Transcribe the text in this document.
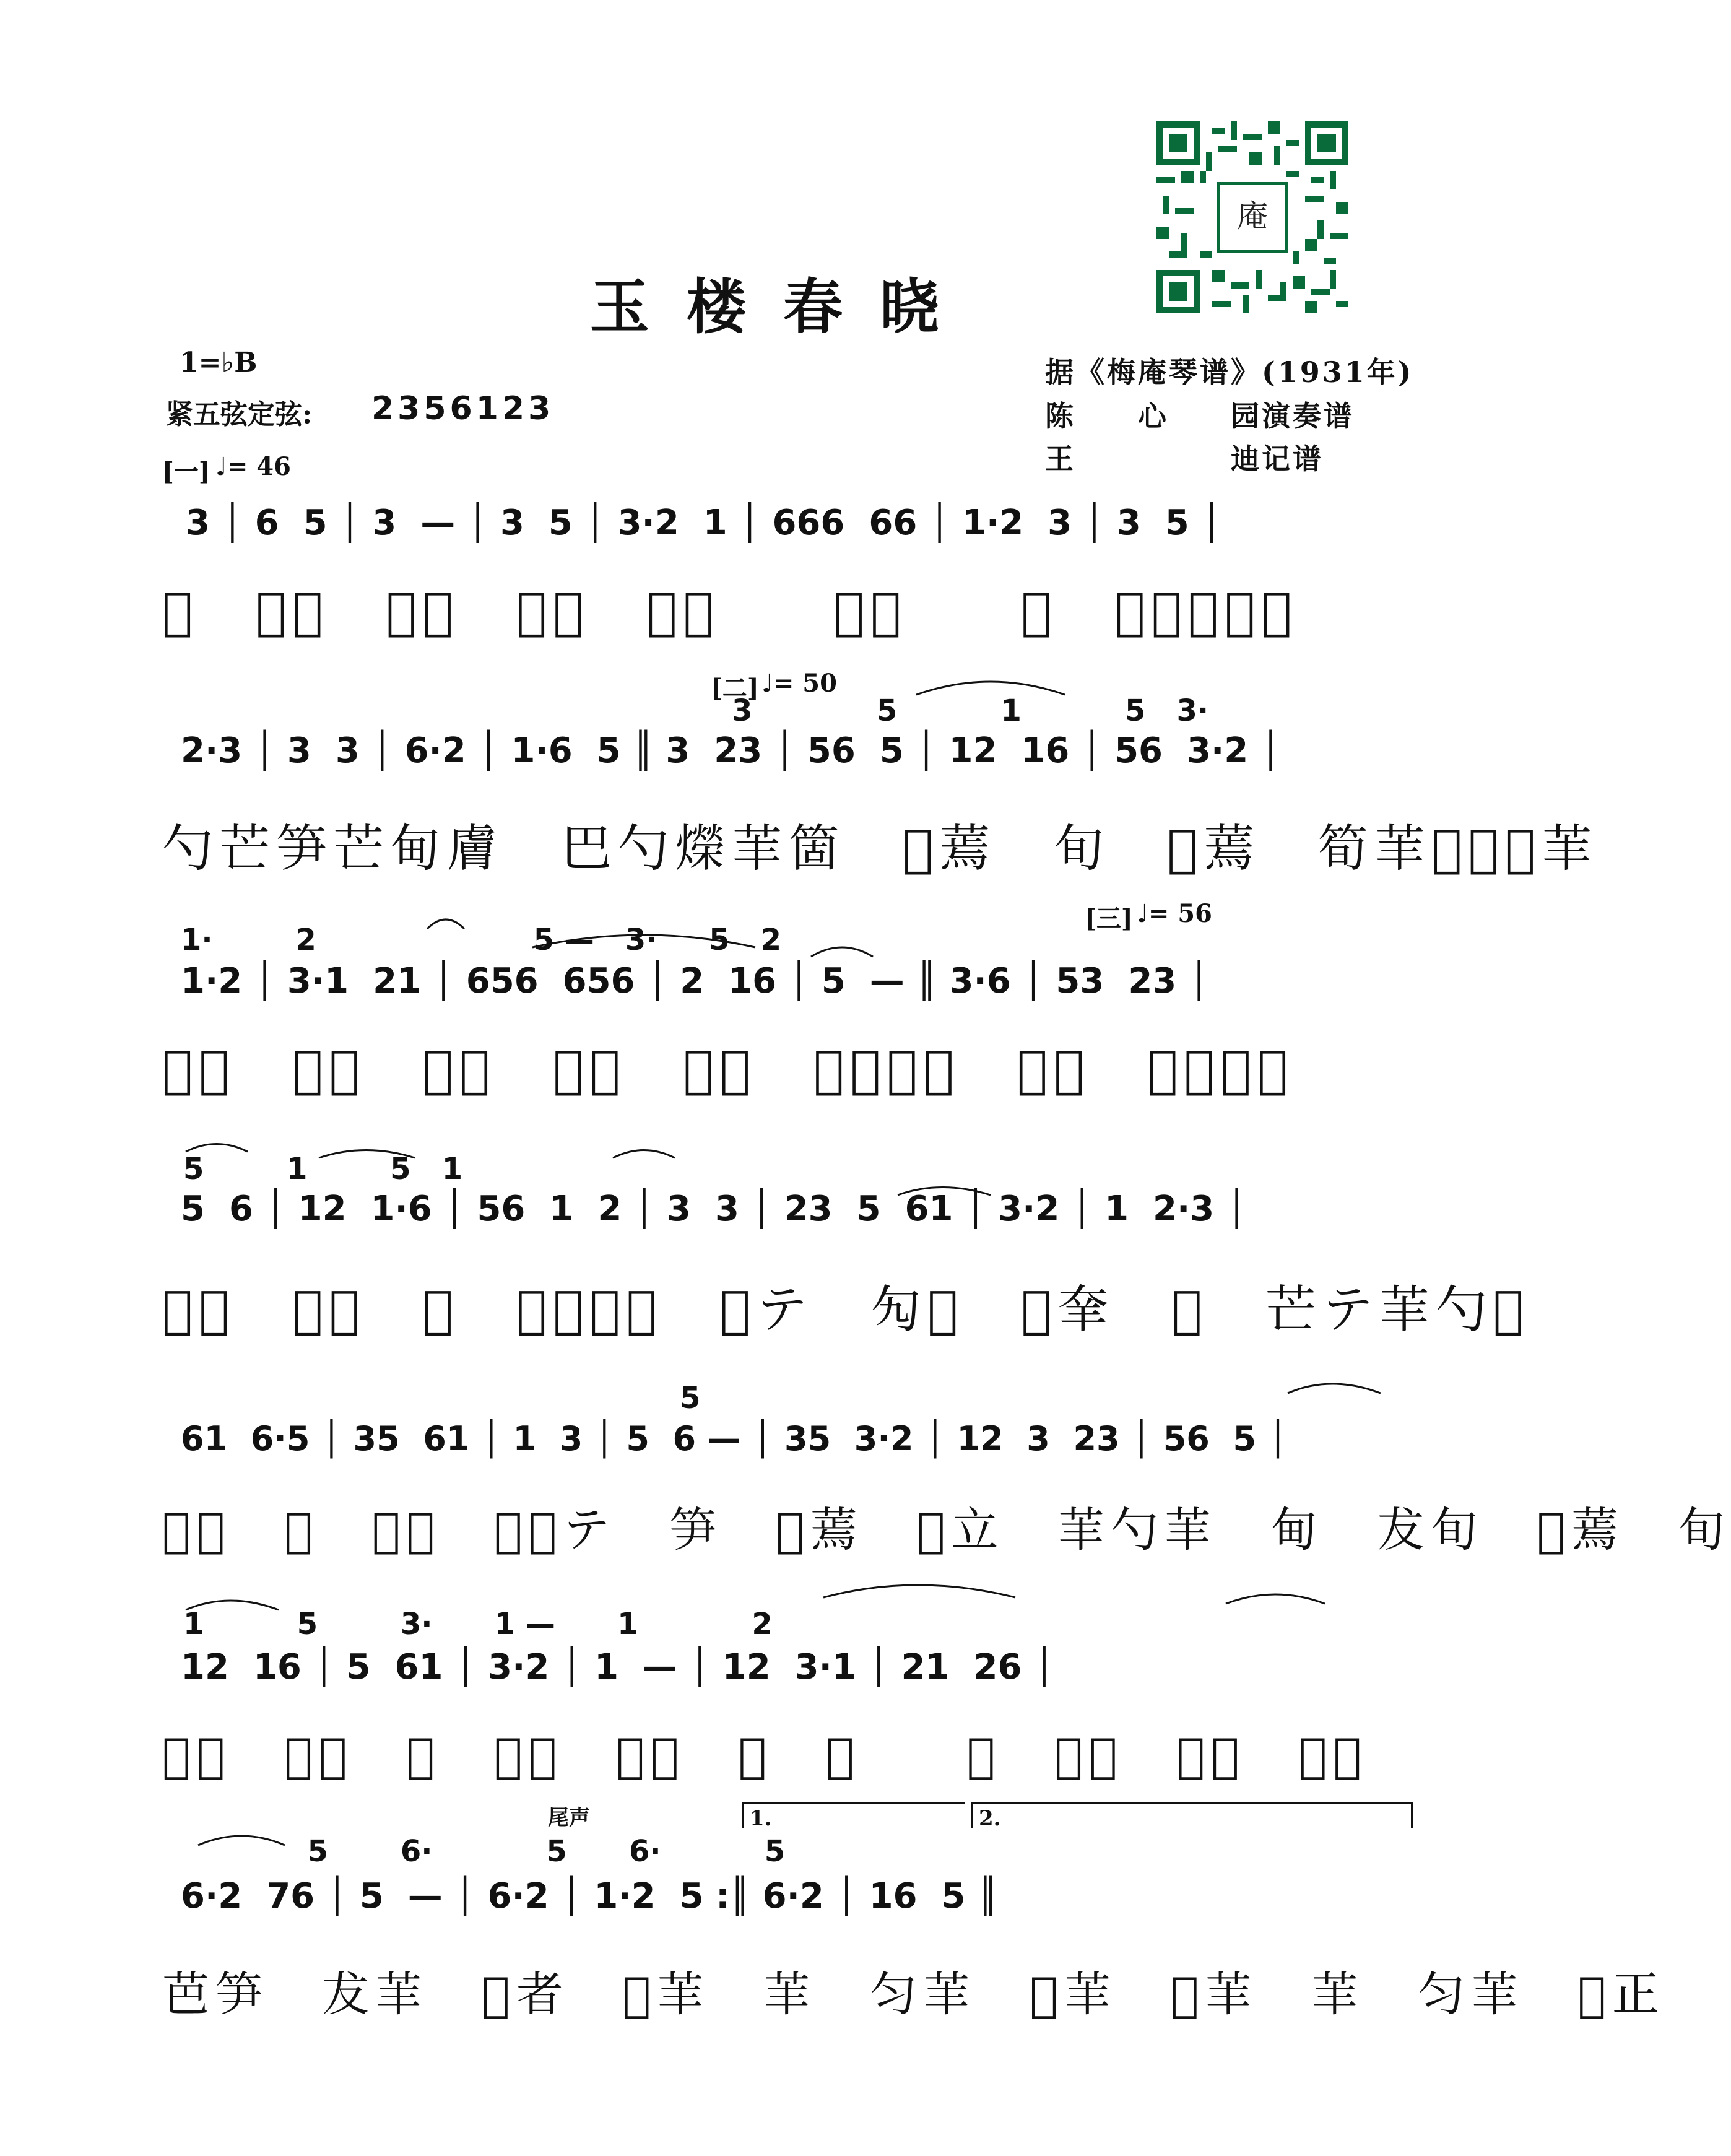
庵
玉楼春晓
1=♭B
紧五弦定弦: 2356123
据《梅庵琴谱》(1931年)
陈　　心　　园演奏谱
王　　　　　迪记谱
[一] ♩= 46
[二] ♩= 50
[三] ♩= 56
尾声	1.	2.
3 │ 6  5 │ 3  — │ 3  5 │ 3·2  1 │ 666  66 │ 1·2  3 │ 3  5 │
𫝫　巴勺　芒者　笋勺　比膚　　甸畵　　甸　勼匕笋芒笋
3            5          1          5   3·
2·3 │ 3  3 │ 6·2 │ 1·6  5 ║ 3  23 │ 56  5 │ 12  16 │ 56  3·2 │
勺芒笋芒甸膚　巴勺爃䒠箇　𫝫蔫　旬　𫝫蔫　筍䒠𫝫𡸖𫝫䒠
1·        2                     5 —   3·     5   2
1·2 │ 3·1  21 │ 656  656 │ 2  16 │ 5  — ║ 3·6 │ 53  23 │
𫝫䒠　䒠蔫　筍犮　笋耗　芭羍　笋䒠𫝫者　𫝫羍　䒠𫝫䒠𫝫
5        1        5   1
5  6 │ 12  1·6 │ 56  1  2 │ 3  3 │ 23  5  61 │ 3·2 │ 1  2·3 │
𫝫蔫　𫝫立　䒠　𫝫䒠𫝫蔫　笺テ　勼𫝫　𫝫羍　𫝫　芒テ䒠勺𫝫
5
61  6·5 │ 35  61 │ 1  3 │ 5  6 — │ 35  3·2 │ 12  3  23 │ 56  5 │
𫝫立　䒠　𫝫䒠　比蔫テ　笋　𫝫蔫　𫝫立　䒠勺䒠　甸　犮旬　𫝫蔫　旬
1         5        3·      1 —      1           2
12  16 │ 5  61 │ 3·2 │ 1  — │ 12  3·1 │ 21  26 │
𫝫蔫　旬䒠　𫝫　𫝫蔫　𫝫䒠　䒠　𫝫　　䒠　𫝫蔫　𫝫蔫　旬𠀤
5       6·           5      6·          5
6·2  76 │ 5  — │ 6·2 │ 1·2  5 :║ 6·2 │ 16  5 ║
芭笋　犮䒠　𫝫者　𫝫䒠　䒠　匀䒠　𫝫䒠　𫝫䒠　䒠　匀䒠　𫝫正
